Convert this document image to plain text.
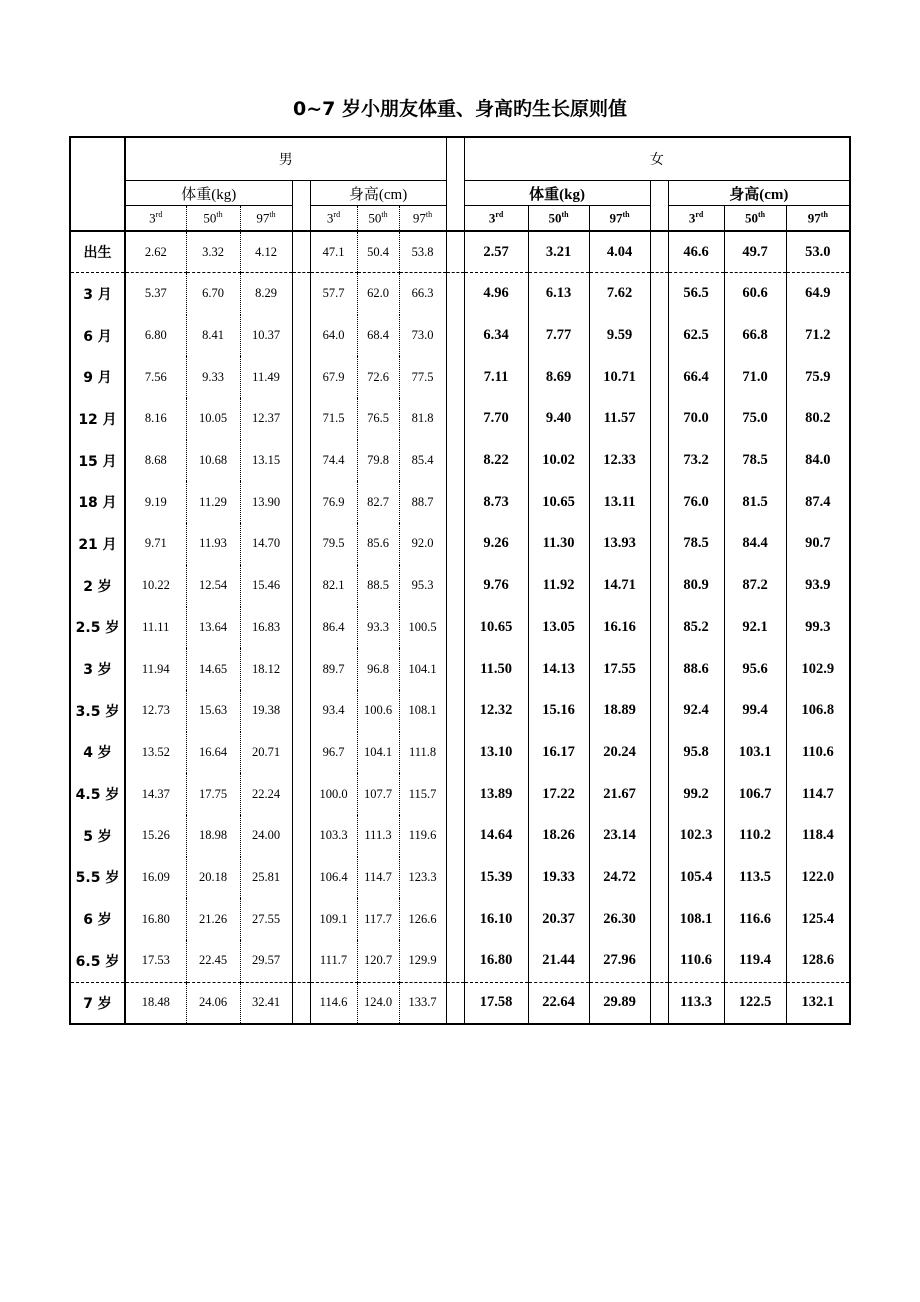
0~7 岁小朋友体重、身高旳生长原则值
	男								女						
	体重(kg)				身高(cm)				体重(kg)				身高(cm)		
	3rd	50th	97th		3rd	50th	97th		3rd	50th	97th		3rd	50th	97th
出生	2.62	3.32	4.12		47.1	50.4	53.8		2.57	3.21	4.04		46.6	49.7	53.0
3 月	5.37	6.70	8.29		57.7	62.0	66.3		4.96	6.13	7.62		56.5	60.6	64.9
6 月	6.80	8.41	10.37		64.0	68.4	73.0		6.34	7.77	9.59		62.5	66.8	71.2
9 月	7.56	9.33	11.49		67.9	72.6	77.5		7.11	8.69	10.71		66.4	71.0	75.9
12 月	8.16	10.05	12.37		71.5	76.5	81.8		7.70	9.40	11.57		70.0	75.0	80.2
15 月	8.68	10.68	13.15		74.4	79.8	85.4		8.22	10.02	12.33		73.2	78.5	84.0
18 月	9.19	11.29	13.90		76.9	82.7	88.7		8.73	10.65	13.11		76.0	81.5	87.4
21 月	9.71	11.93	14.70		79.5	85.6	92.0		9.26	11.30	13.93		78.5	84.4	90.7
2 岁	10.22	12.54	15.46		82.1	88.5	95.3		9.76	11.92	14.71		80.9	87.2	93.9
2.5 岁	11.11	13.64	16.83		86.4	93.3	100.5		10.65	13.05	16.16		85.2	92.1	99.3
3 岁	11.94	14.65	18.12		89.7	96.8	104.1		11.50	14.13	17.55		88.6	95.6	102.9
3.5 岁	12.73	15.63	19.38		93.4	100.6	108.1		12.32	15.16	18.89		92.4	99.4	106.8
4 岁	13.52	16.64	20.71		96.7	104.1	111.8		13.10	16.17	20.24		95.8	103.1	110.6
4.5 岁	14.37	17.75	22.24		100.0	107.7	115.7		13.89	17.22	21.67		99.2	106.7	114.7
5 岁	15.26	18.98	24.00		103.3	111.3	119.6		14.64	18.26	23.14		102.3	110.2	118.4
5.5 岁	16.09	20.18	25.81		106.4	114.7	123.3		15.39	19.33	24.72		105.4	113.5	122.0
6 岁	16.80	21.26	27.55		109.1	117.7	126.6		16.10	20.37	26.30		108.1	116.6	125.4
6.5 岁	17.53	22.45	29.57		111.7	120.7	129.9		16.80	21.44	27.96		110.6	119.4	128.6
7 岁	18.48	24.06	32.41		114.6	124.0	133.7		17.58	22.64	29.89		113.3	122.5	132.1
